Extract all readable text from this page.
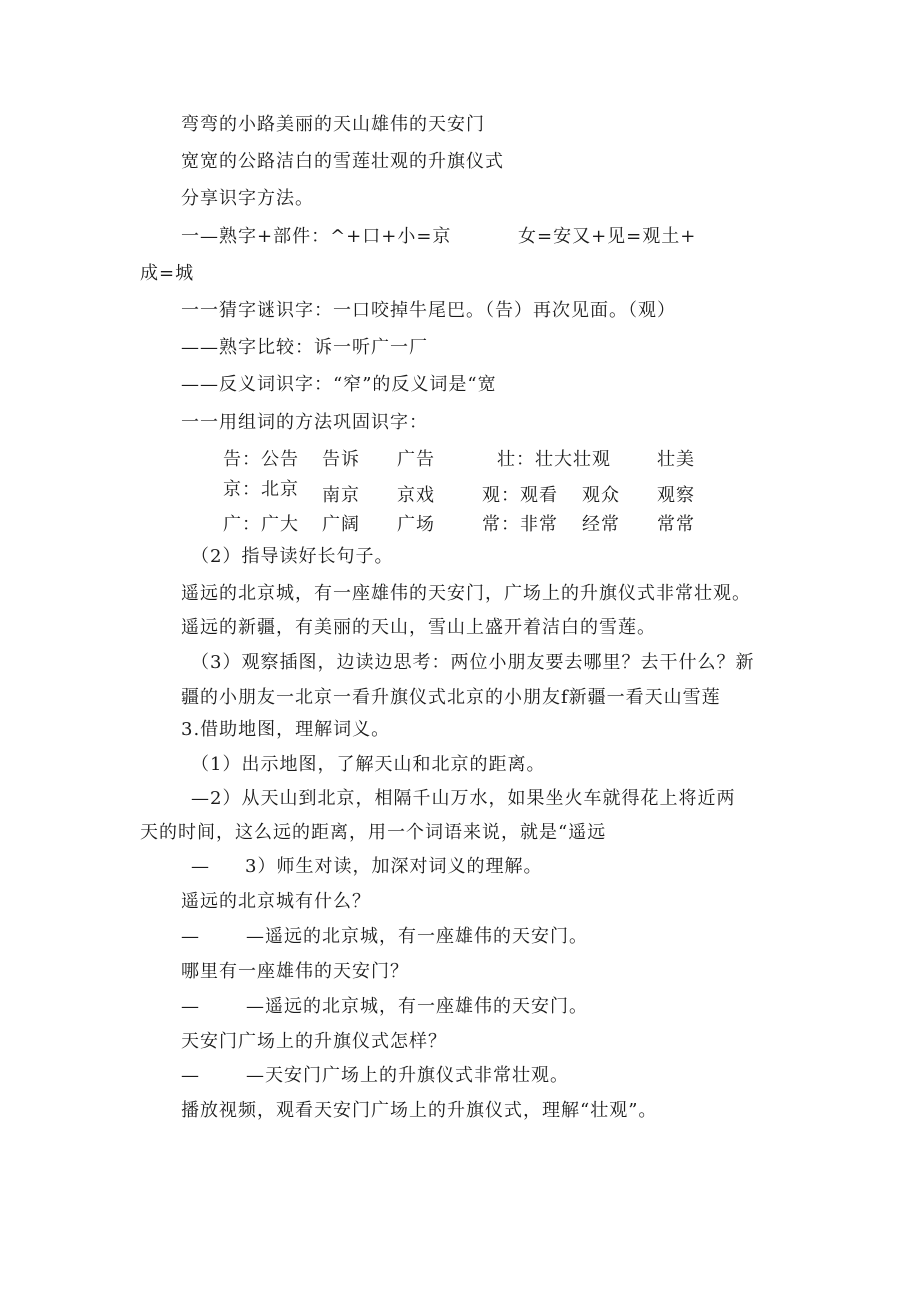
弯弯的小路美丽的天山雄伟的天安门
宽宽的公路洁白的雪莲壮观的升旗仪式
分享识字方法。
一—熟字+部件：^+口+小=京	女=安又+见=观土+
成=城
一一猜字谜识字：一口咬掉牛尾巴。（告）再次见面。（观）
——熟字比较：诉一听广一厂
——反义词识字：“窄”的反义词是“宽
一一用组词的方法巩固识字：
告：公告 告诉 广告	壮：壮大壮观	壮美
京：北京 南京 京戏	观：观看 观众 观察
广：广大 广阔 广场	常：非常 经常 常常
（2）指导读好长句子。
遥远的北京城，有一座雄伟的天安门，广场上的升旗仪式非常壮观。
遥远的新疆，有美丽的天山，雪山上盛开着洁白的雪莲。
（3）观察插图，边读边思考：两位小朋友要去哪里？去干什么？新
疆的小朋友一北京一看升旗仪式北京的小朋友f新疆一看天山雪莲
3.借助地图，理解词义。
（1）出示地图，了解天山和北京的距离。
—2）从天山到北京，相隔千山万水，如果坐火车就得花上将近两
天的时间，这么远的距离，用一个词语来说，就是“遥远
— 3）师生对读，加深对词义的理解。
遥远的北京城有什么？
—	—遥远的北京城，有一座雄伟的天安门。
哪里有一座雄伟的天安门？
—	—遥远的北京城，有一座雄伟的天安门。
天安门广场上的升旗仪式怎样？
—	—天安门广场上的升旗仪式非常壮观。
播放视频，观看天安门广场上的升旗仪式，理解“壮观”。
